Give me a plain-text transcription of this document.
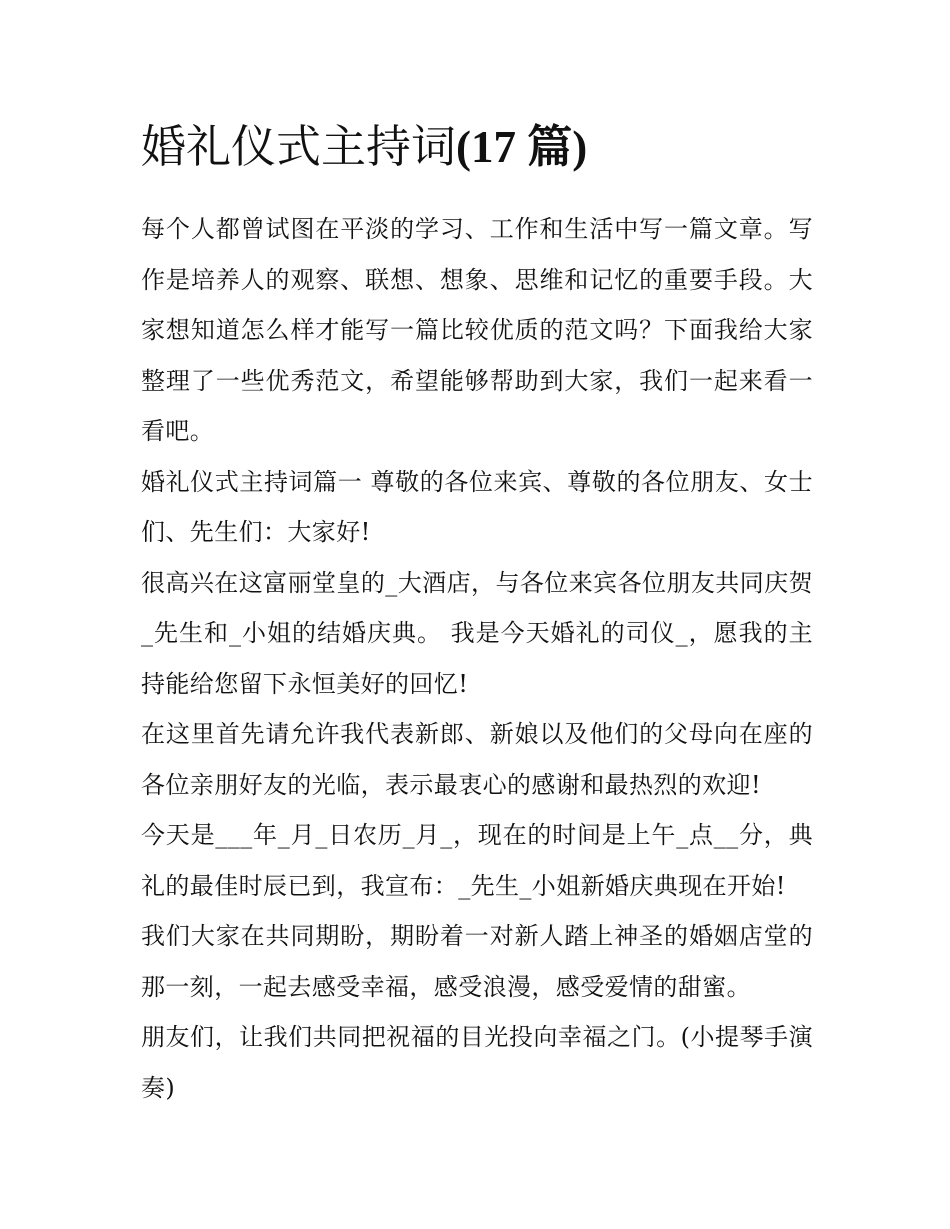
婚礼仪式主持词(17 篇)

每个人都曾试图在平淡的学习、工作和生活中写一篇文章。写作是培养人的观察、联想、想象、思维和记忆的重要手段。大家想知道怎么样才能写一篇比较优质的范文吗？下面我给大家整理了一些优秀范文，希望能够帮助到大家，我们一起来看一看吧。

婚礼仪式主持词篇一 尊敬的各位来宾、尊敬的各位朋友、女士们、先生们：大家好!

很高兴在这富丽堂皇的_大酒店，与各位来宾各位朋友共同庆贺_先生和_小姐的结婚庆典。 我是今天婚礼的司仪_，愿我的主持能给您留下永恒美好的回忆!

在这里首先请允许我代表新郎、新娘以及他们的父母向在座的各位亲朋好友的光临，表示最衷心的感谢和最热烈的欢迎!

今天是___年_月_日农历_月_，现在的时间是上午_点__分，典礼的最佳时辰已到，我宣布：_先生_小姐新婚庆典现在开始!

我们大家在共同期盼，期盼着一对新人踏上神圣的婚姻店堂的那一刻，一起去感受幸福，感受浪漫，感受爱情的甜蜜。

朋友们，让我们共同把祝福的目光投向幸福之门。(小提琴手演奏)
